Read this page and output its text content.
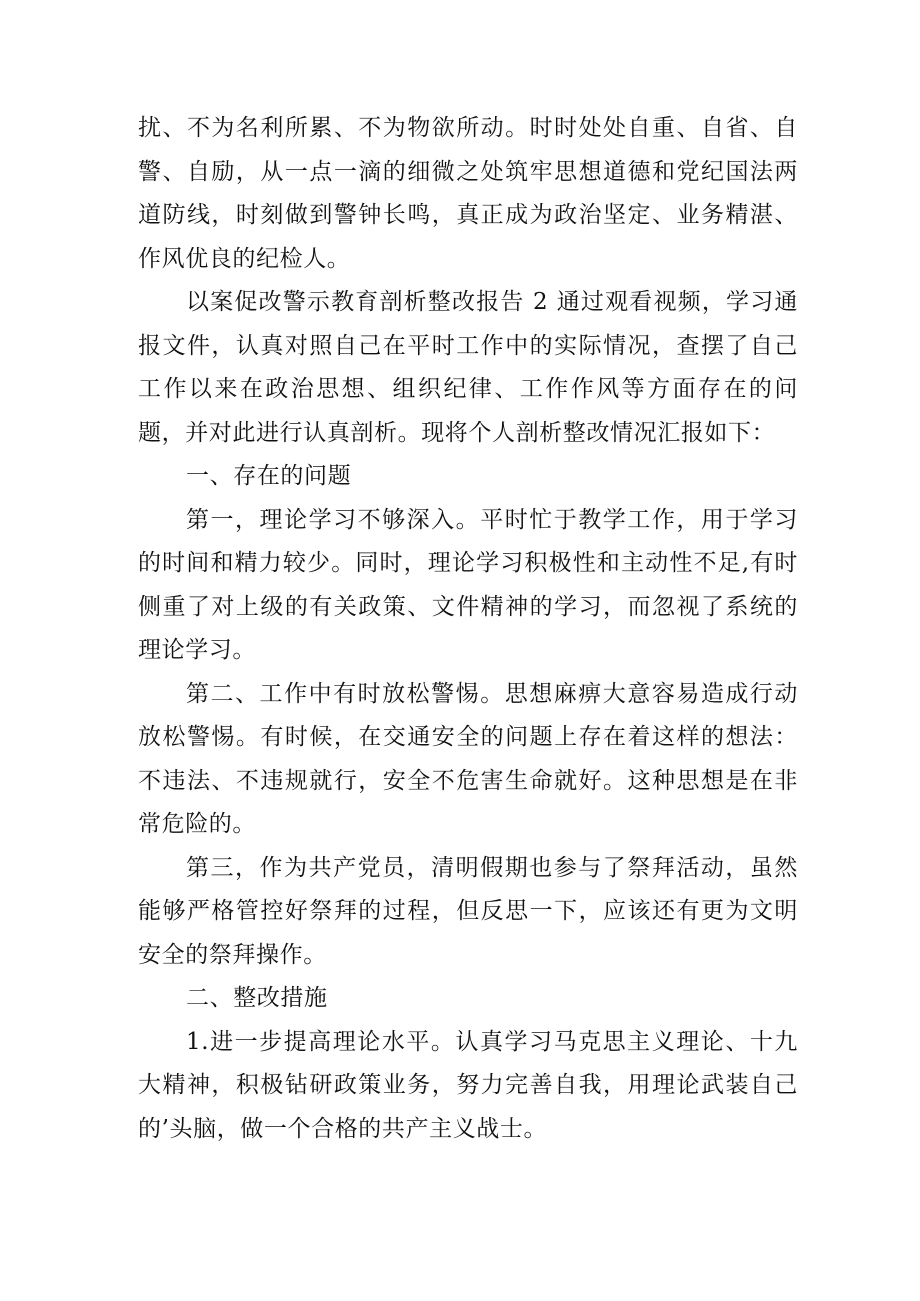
扰、不为名利所累、不为物欲所动。时时处处自重、自省、自警、自励，从一点一滴的细微之处筑牢思想道德和党纪国法两道防线，时刻做到警钟长鸣，真正成为政治坚定、业务精湛、作风优良的纪检人。

以案促改警示教育剖析整改报告 2 通过观看视频，学习通报文件，认真对照自己在平时工作中的实际情况，查摆了自己工作以来在政治思想、组织纪律、工作作风等方面存在的问题，并对此进行认真剖析。现将个人剖析整改情况汇报如下：

一、存在的问题

第一，理论学习不够深入。平时忙于教学工作，用于学习的时间和精力较少。同时，理论学习积极性和主动性不足,有时侧重了对上级的有关政策、文件精神的学习，而忽视了系统的理论学习。

第二、工作中有时放松警惕。思想麻痹大意容易造成行动放松警惕。有时候，在交通安全的问题上存在着这样的想法：不违法、不违规就行，安全不危害生命就好。这种思想是在非常危险的。

第三，作为共产党员，清明假期也参与了祭拜活动，虽然能够严格管控好祭拜的过程，但反思一下，应该还有更为文明安全的祭拜操作。

二、整改措施

1.进一步提高理论水平。认真学习马克思主义理论、十九大精神，积极钻研政策业务，努力完善自我，用理论武装自己的’头脑，做一个合格的共产主义战士。
